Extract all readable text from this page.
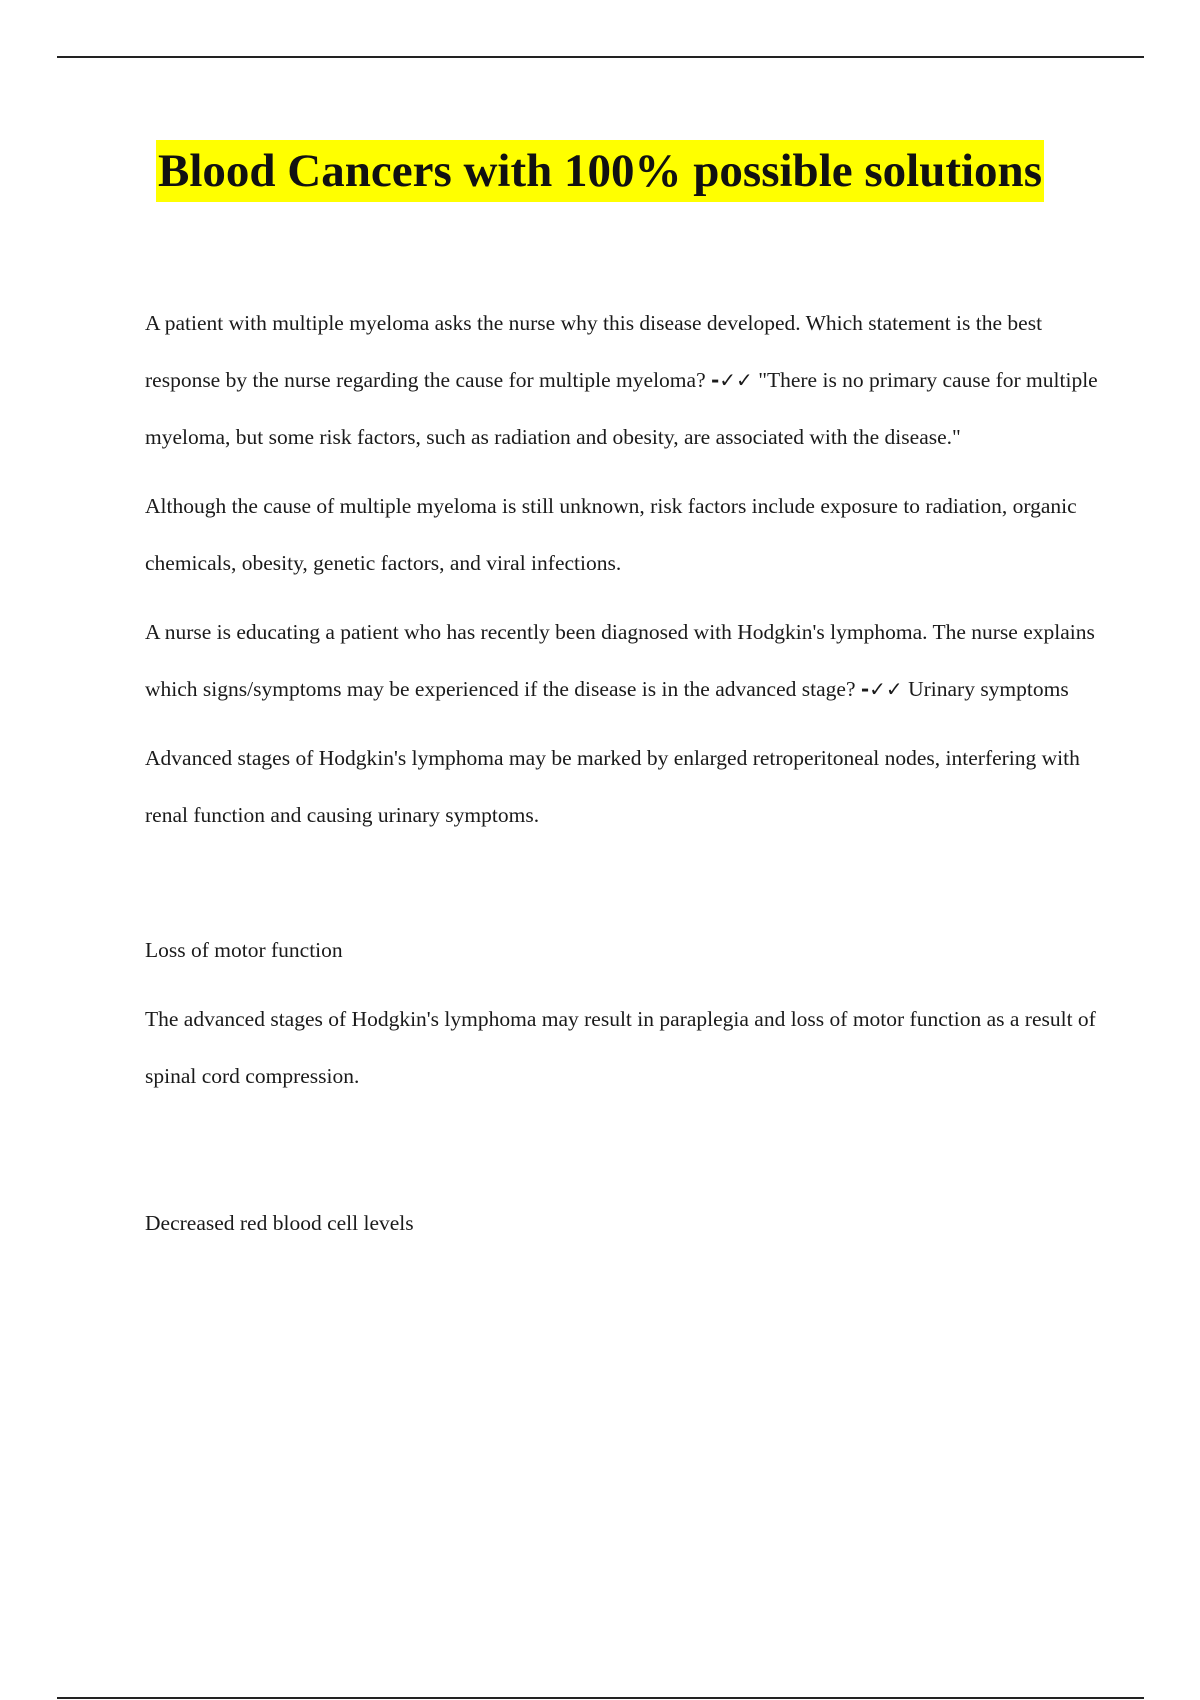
Blood Cancers with 100% possible solutions

A patient with multiple myeloma asks the nurse why this disease developed. Which statement is the best response by the nurse regarding the cause for multiple myeloma? -✓✓ "There is no primary cause for multiple myeloma, but some risk factors, such as radiation and obesity, are associated with the disease."

Although the cause of multiple myeloma is still unknown, risk factors include exposure to radiation, organic chemicals, obesity, genetic factors, and viral infections.

A nurse is educating a patient who has recently been diagnosed with Hodgkin's lymphoma. The nurse explains which signs/symptoms may be experienced if the disease is in the advanced stage? -✓✓ Urinary symptoms

Advanced stages of Hodgkin's lymphoma may be marked by enlarged retroperitoneal nodes, interfering with renal function and causing urinary symptoms.

Loss of motor function

The advanced stages of Hodgkin's lymphoma may result in paraplegia and loss of motor function as a result of spinal cord compression.

Decreased red blood cell levels
